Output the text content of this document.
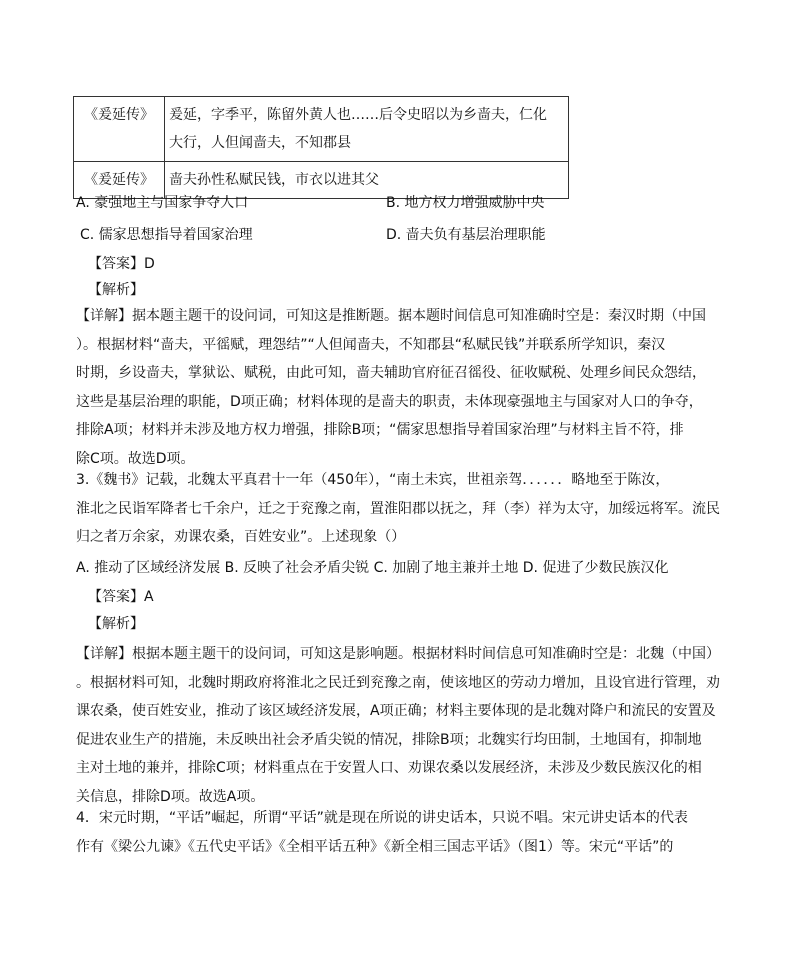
《爰延传》	爰延，字季平，陈留外黄人也……后令史昭以为乡啬夫，仁化
大行，人但闻啬夫，不知郡县

《爰延传》	啬夫孙性私赋民钱，市衣以进其父
A. 豪强地主与国家争夺人口	B. 地方权力增强威胁中央
C. 儒家思想指导着国家治理	D. 啬夫负有基层治理职能
【答案】D
【解析】
【详解】据本题主题干的设问词，可知这是推断题。据本题时间信息可知准确时空是：秦汉时期（中国
）。根据材料“啬夫，平徭赋，理怨结”“人但闻啬夫，不知郡县“私赋民钱”并联系所学知识，秦汉
时期，乡设啬夫，掌狱讼、赋税，由此可知，啬夫辅助官府征召徭役、征收赋税、处理乡间民众怨结，
这些是基层治理的职能，D项正确；材料体现的是啬夫的职责，未体现豪强地主与国家对人口的争夺，
排除A项；材料并未涉及地方权力增强，排除B项；“儒家思想指导着国家治理”与材料主旨不符，排
除C项。故选D项。
3.《魏书》记载，北魏太平真君十一年（450年），“南土未宾，世祖亲驾．．．．．．略地至于陈汝，
淮北之民诣军降者七千余户，迁之于兖豫之南，置淮阳郡以抚之，拜（李）祥为太守，加绥远将军。流民
归之者万余家，劝课农桑，百姓安业”。上述现象（）
A. 推动了区域经济发展 B. 反映了社会矛盾尖锐 C. 加剧了地主兼并土地 D. 促进了少数民族汉化
【答案】A
【解析】
【详解】根据本题主题干的设问词，可知这是影响题。根据材料时间信息可知准确时空是：北魏（中国）
。根据材料可知，北魏时期政府将淮北之民迁到兖豫之南，使该地区的劳动力增加，且设官进行管理，劝
课农桑，使百姓安业，推动了该区域经济发展，A项正确；材料主要体现的是北魏对降户和流民的安置及
促进农业生产的措施，未反映出社会矛盾尖锐的情况，排除B项；北魏实行均田制，土地国有，抑制地
主对土地的兼并，排除C项；材料重点在于安置人口、劝课农桑以发展经济，未涉及少数民族汉化的相
关信息，排除D项。故选A项。
4．宋元时期，“平话”崛起，所谓“平话”就是现在所说的讲史话本，只说不唱。宋元讲史话本的代表
作有《梁公九谏》《五代史平话》《全相平话五种》《新全相三国志平话》（图1）等。宋元“平话”的
